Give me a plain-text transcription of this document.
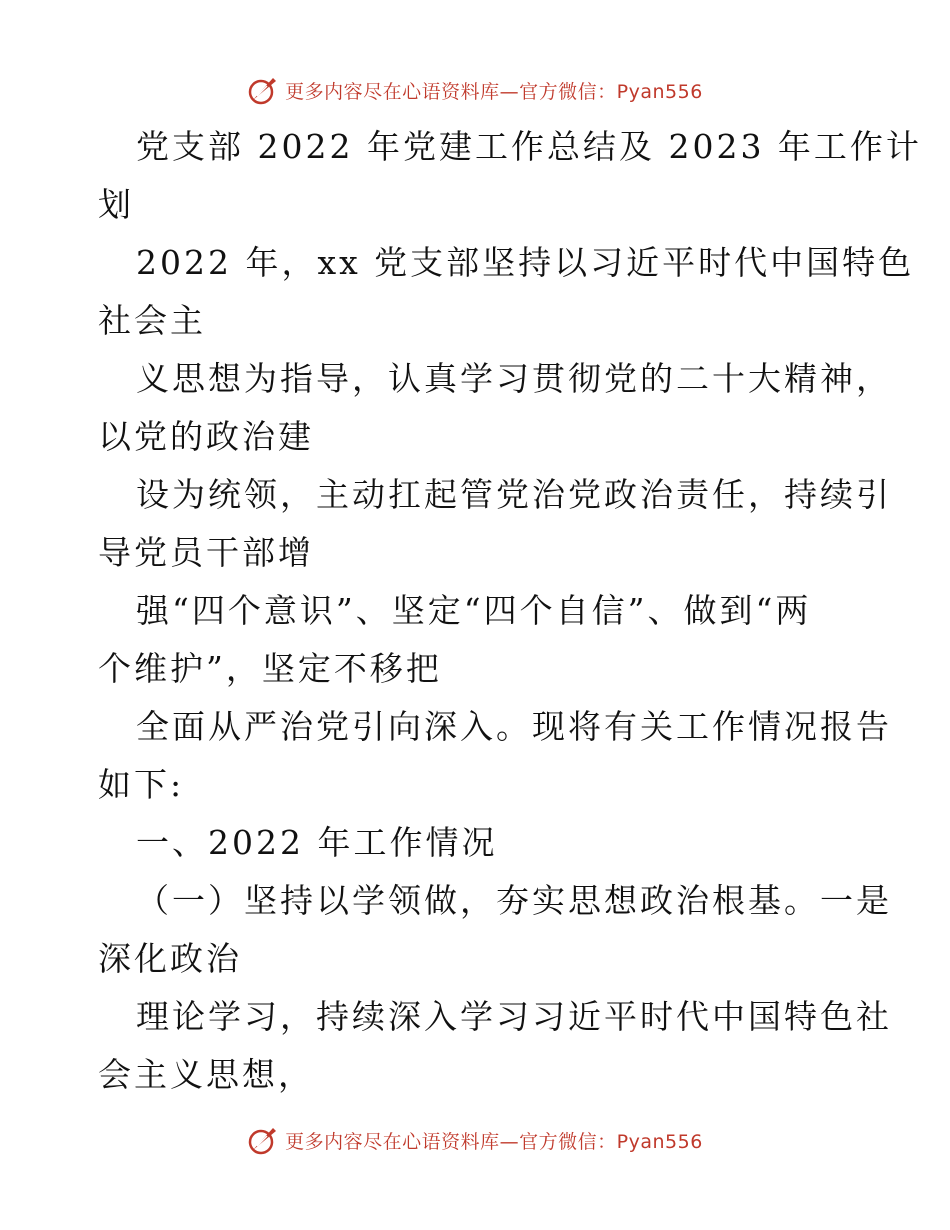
更多内容尽在心语资料库—官方微信：Pyan556
党支部 2022 年党建工作总结及 2023 年工作计
划
2022 年，xx 党支部坚持以习近平时代中国特色
社会主
义思想为指导，认真学习贯彻党的二十大精神，
以党的政治建
设为统领，主动扛起管党治党政治责任，持续引
导党员干部增
强“四个意识”、坚定“四个自信”、做到“两
个维护”，坚定不移把
全面从严治党引向深入。现将有关工作情况报告
如下:
一、2022 年工作情况
（一）坚持以学领做，夯实思想政治根基。一是
深化政治
理论学习，持续深入学习习近平时代中国特色社
会主义思想，
更多内容尽在心语资料库—官方微信：Pyan556
